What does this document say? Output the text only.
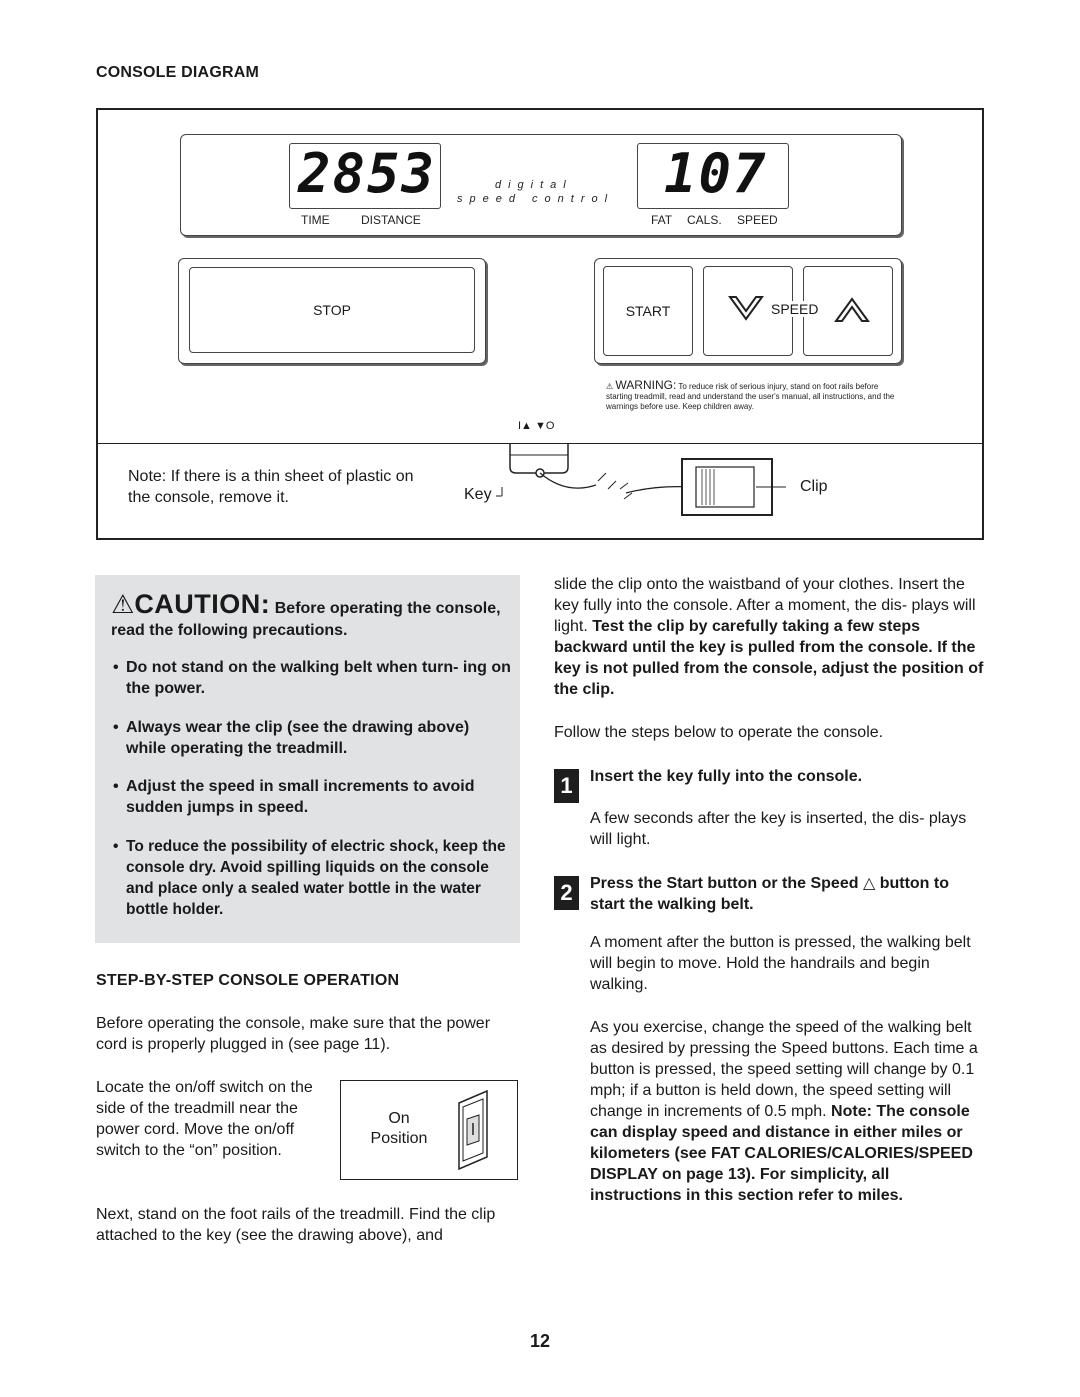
CONSOLE DIAGRAM
2853	107
digital
speed control
TIME	DISTANCE	FAT CALS. SPEED
STOP	START	SPEED
⚠ WARNING: To reduce risk of serious injury, stand on foot rails before starting treadmill, read and understand the user's manual, all instructions, and the warnings before use. Keep children away.
I▲ ▼O
Note: If there is a thin sheet of plastic on the console, remove it.	Key	Clip
⚠CAUTION: Before operating the console, read the following precautions.
• Do not stand on the walking belt when turn- ing on the power.
• Always wear the clip (see the drawing above) while operating the treadmill.
• Adjust the speed in small increments to avoid sudden jumps in speed.
• To reduce the possibility of electric shock, keep the console dry. Avoid spilling liquids on the console and place only a sealed water bottle in the water bottle holder.
STEP-BY-STEP CONSOLE OPERATION
Before operating the console, make sure that the power cord is properly plugged in (see page 11).
Locate the on/off switch on the side of the treadmill near the power cord. Move the on/off switch to the “on” position.
On
Position
Next, stand on the foot rails of the treadmill. Find the clip attached to the key (see the drawing above), and
slide the clip onto the waistband of your clothes. Insert the key fully into the console. After a moment, the dis- plays will light. Test the clip by carefully taking a few steps backward until the key is pulled from the console. If the key is not pulled from the console, adjust the position of the clip.
Follow the steps below to operate the console.
1	Insert the key fully into the console.
A few seconds after the key is inserted, the dis- plays will light.
2	Press the Start button or the Speed △ button to start the walking belt.
A moment after the button is pressed, the walking belt will begin to move. Hold the handrails and begin walking.
As you exercise, change the speed of the walking belt as desired by pressing the Speed buttons. Each time a button is pressed, the speed setting will change by 0.1 mph; if a button is held down, the speed setting will change in increments of 0.5 mph. Note: The console can display speed and distance in either miles or kilometers (see FAT CALORIES/CALORIES/SPEED DISPLAY on page 13). For simplicity, all instructions in this section refer to miles.
12
